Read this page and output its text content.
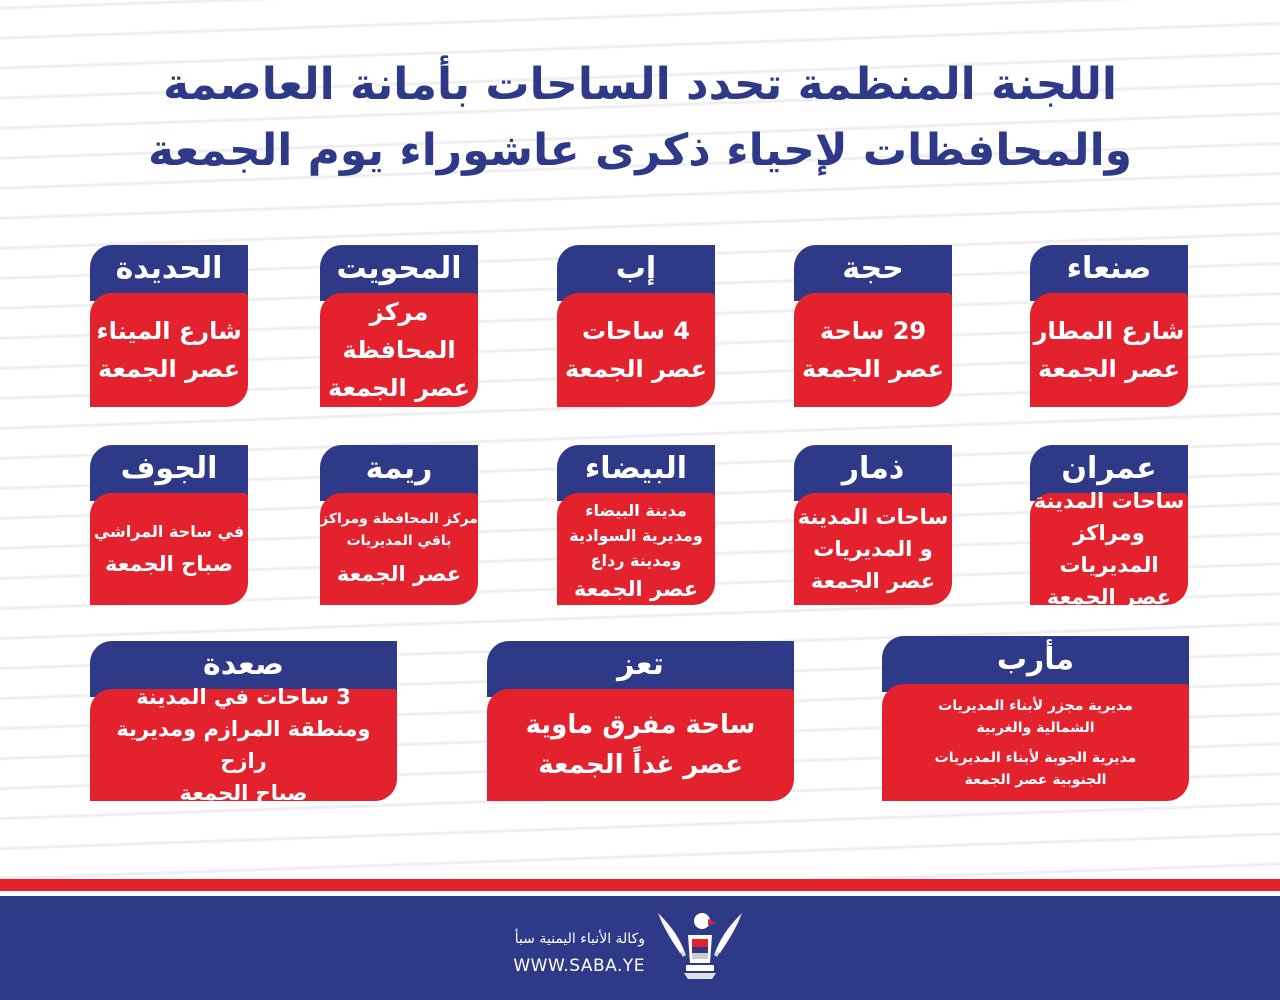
اللجنة المنظمة تحدد الساحات بأمانة العاصمة
والمحافظات لإحياء ذكرى عاشوراء يوم الجمعة
صنعاء
شارع المطار
عصر الجمعة
حجة
29 ساحة
عصر الجمعة
إب
4 ساحات
عصر الجمعة
المحويت
مركز المحافظة
عصر الجمعة
الحديدة
شارع الميناء
عصر الجمعة
عمران
ساحات المدينة
ومراكز المديريات
عصر الجمعة
ذمار
ساحات المدينة
و المديريات
عصر الجمعة
البيضاء
مدينة البيضاء
ومديرية السوادية
ومدينة رداع
عصر الجمعة
ريمة
مركز المحافظة ومراكز
باقي المديريات
عصر الجمعة
الجوف
في ساحة المراشي
صباح الجمعة
مأرب
مديرية مجزر لأبناء المديريات
الشمالية والغربية
مديرية الجوبة لأبناء المديريات
الجنوبية عصر الجمعة
تعز
ساحة مفرق ماوية
عصر غداً الجمعة
صعدة
3 ساحات في المدينة
ومنطقة المرازم ومديرية رازح
صباح الجمعة
وكالة الأنباء اليمنية سبأ
WWW.SABA.YE
